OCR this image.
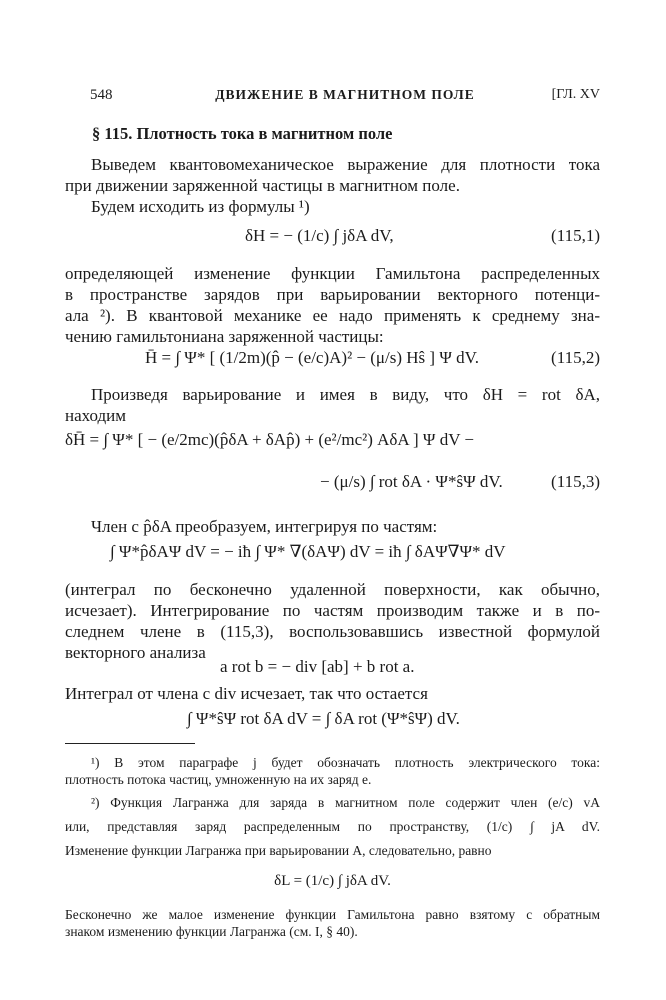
548	ДВИЖЕНИЕ В МАГНИТНОМ ПОЛЕ	[ГЛ. XV
§ 115. Плотность тока в магнитном поле
Выведем квантовомеханическое выражение для плотности тока
при движении заряженной частицы в магнитном поле.
Будем исходить из формулы ¹)
δH = − (1/c) ∫ jδA dV,	(115,1)
определяющей изменение функции Гамильтона распределенных
в пространстве зарядов при варьировании векторного потенци-
ала ²). В квантовой механике ее надо применять к среднему зна-
чению гамильтониана заряженной частицы:
H̄ = ∫ Ψ* [ (1/2m)(p̂ − (e/c)A)² − (μ/s) Hŝ ] Ψ dV.	(115,2)
Произведя варьирование и имея в виду, что δH = rot δA,
находим
δH̄ = ∫ Ψ* [ − (e/2mc)(p̂δA + δAp̂) + (e²/mc²) AδA ] Ψ dV −
− (μ/s) ∫ rot δA · Ψ*ŝΨ dV.	(115,3)
Член с p̂δA преобразуем, интегрируя по частям:
∫ Ψ*p̂δAΨ dV = − iħ ∫ Ψ* ∇(δAΨ) dV = iħ ∫ δAΨ∇Ψ* dV
(интеграл по бесконечно удаленной поверхности, как обычно,
исчезает). Интегрирование по частям производим также и в по-
следнем члене в (115,3), воспользовавшись известной формулой
векторного анализа
a rot b = − div [ab] + b rot a.
Интеграл от члена с div исчезает, так что остается
∫ Ψ*ŝΨ rot δA dV = ∫ δA rot (Ψ*ŝΨ) dV.
¹) В этом параграфе j будет обозначать плотность электрического тока:
плотность потока частиц, умноженную на их заряд e.
²) Функция Лагранжа для заряда в магнитном поле содержит член (e/c) vA
или, представляя заряд распределенным по пространству, (1/c) ∫ jA dV.
Изменение функции Лагранжа при варьировании A, следовательно, равно
δL = (1/c) ∫ jδA dV.
Бесконечно же малое изменение функции Гамильтона равно взятому с обратным
знаком изменению функции Лагранжа (см. I, § 40).
